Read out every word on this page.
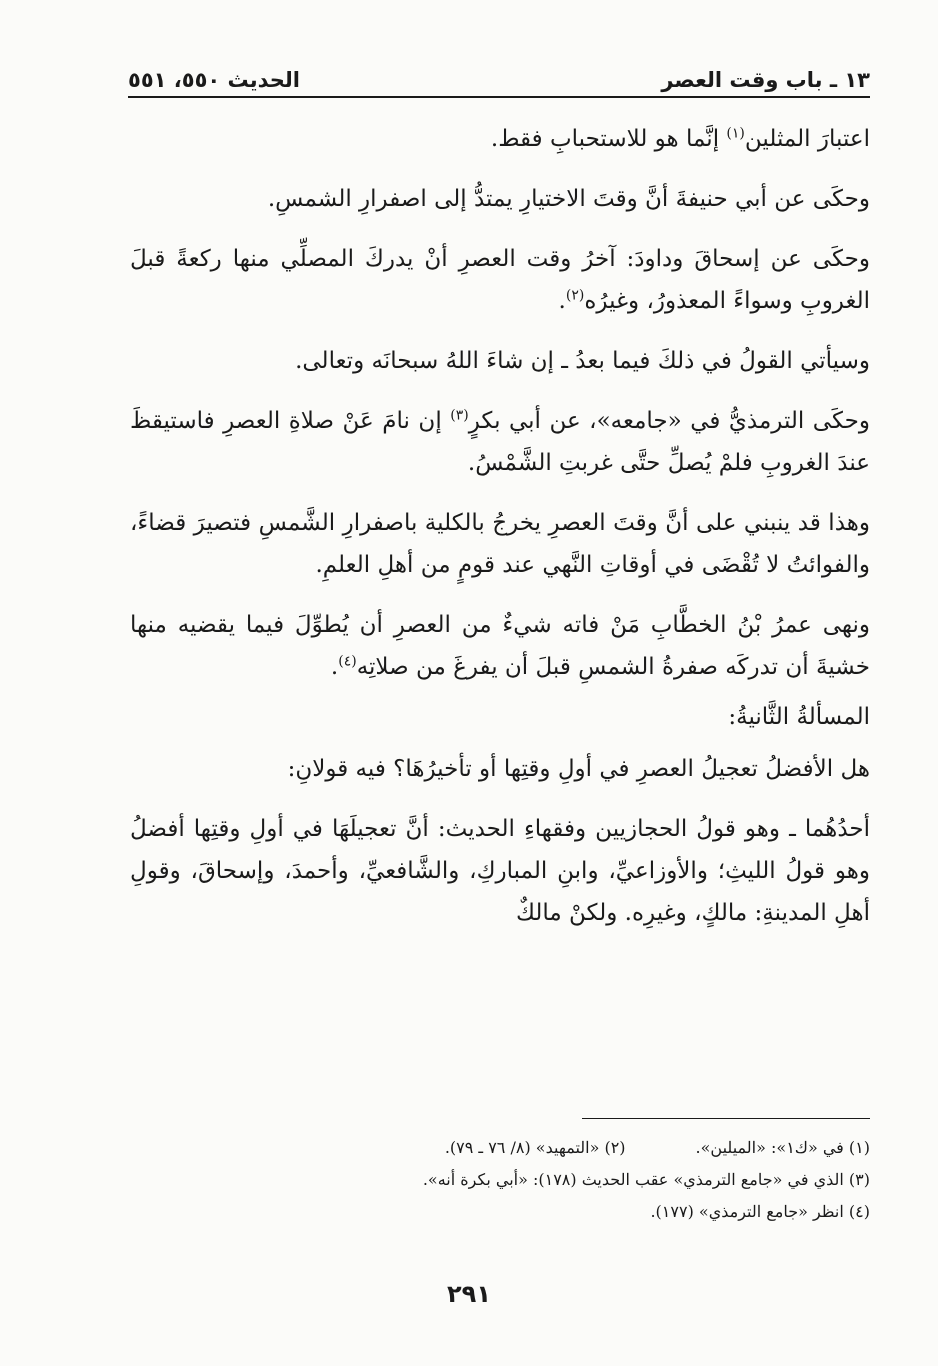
١٣ ـ باب وقت العصر
الحديث ٥٥٠، ٥٥١

اعتبارَ المثلين$^{(١)}$ إنَّما هو للاستحبابِ فقط.

وحكَى عن أبي حنيفةَ أنَّ وقتَ الاختيارِ يمتدُّ إلى اصفرارِ الشمسِ.

وحكَى عن إسحاقَ وداودَ: آخرُ وقت العصرِ أنْ يدركَ المصلِّي منها ركعةً قبلَ الغروبِ وسواءً المعذورُ، وغيرُه$^{(٢)}$.

وسيأتي القولُ في ذلكَ فيما بعدُ ـ إن شاءَ اللهُ سبحانَه وتعالى.

وحكَى الترمذيُّ في «جامعه»، عن أبي بكرٍ$^{(٣)}$ إن نامَ عَنْ صلاةِ العصرِ فاستيقظَ عندَ الغروبِ فلمْ يُصلِّ حتَّى غربتِ الشَّمْسُ.

وهذا قد ينبني على أنَّ وقتَ العصرِ يخرجُ بالكلية باصفرارِ الشَّمسِ فتصيرَ قضاءً، والفوائتُ لا تُقْضَى في أوقاتِ النَّهي عند قومٍ من أهلِ العلمِ.

ونهى عمرُ بْنُ الخطَّابِ مَنْ فاته شيءٌ من العصرِ أن يُطوِّلَ فيما يقضيه منها خشيةَ أن تدركَه صفرةُ الشمسِ قبلَ أن يفرغَ من صلاتِه$^{(٤)}$.

المسألةُ الثَّانيةُ:

هل الأفضلُ تعجيلُ العصرِ في أولِ وقتِها أو تأخيرُهَا؟ فيه قولانِ:

أحدُهُما ـ وهو قولُ الحجازيين وفقهاءِ الحديث: أنَّ تعجيلَهَا في أولِ وقتِها أفضلُ وهو قولُ الليثِ؛ والأوزاعيِّ، وابنِ المباركِ، والشَّافعيِّ، وأحمدَ، وإسحاقَ، وقولِ أهلِ المدينةِ: مالكٍ، وغيرِه. ولكنْ مالكٌ

(١) في «ك١»: «الميلين».
(٢) «التمهيد» (٨/ ٧٦ ـ ٧٩).
(٣) الذي في «جامع الترمذي» عقب الحديث (١٧٨): «أبي بكرة أنه».
(٤) انظر «جامع الترمذي» (١٧٧).
٢٩١
